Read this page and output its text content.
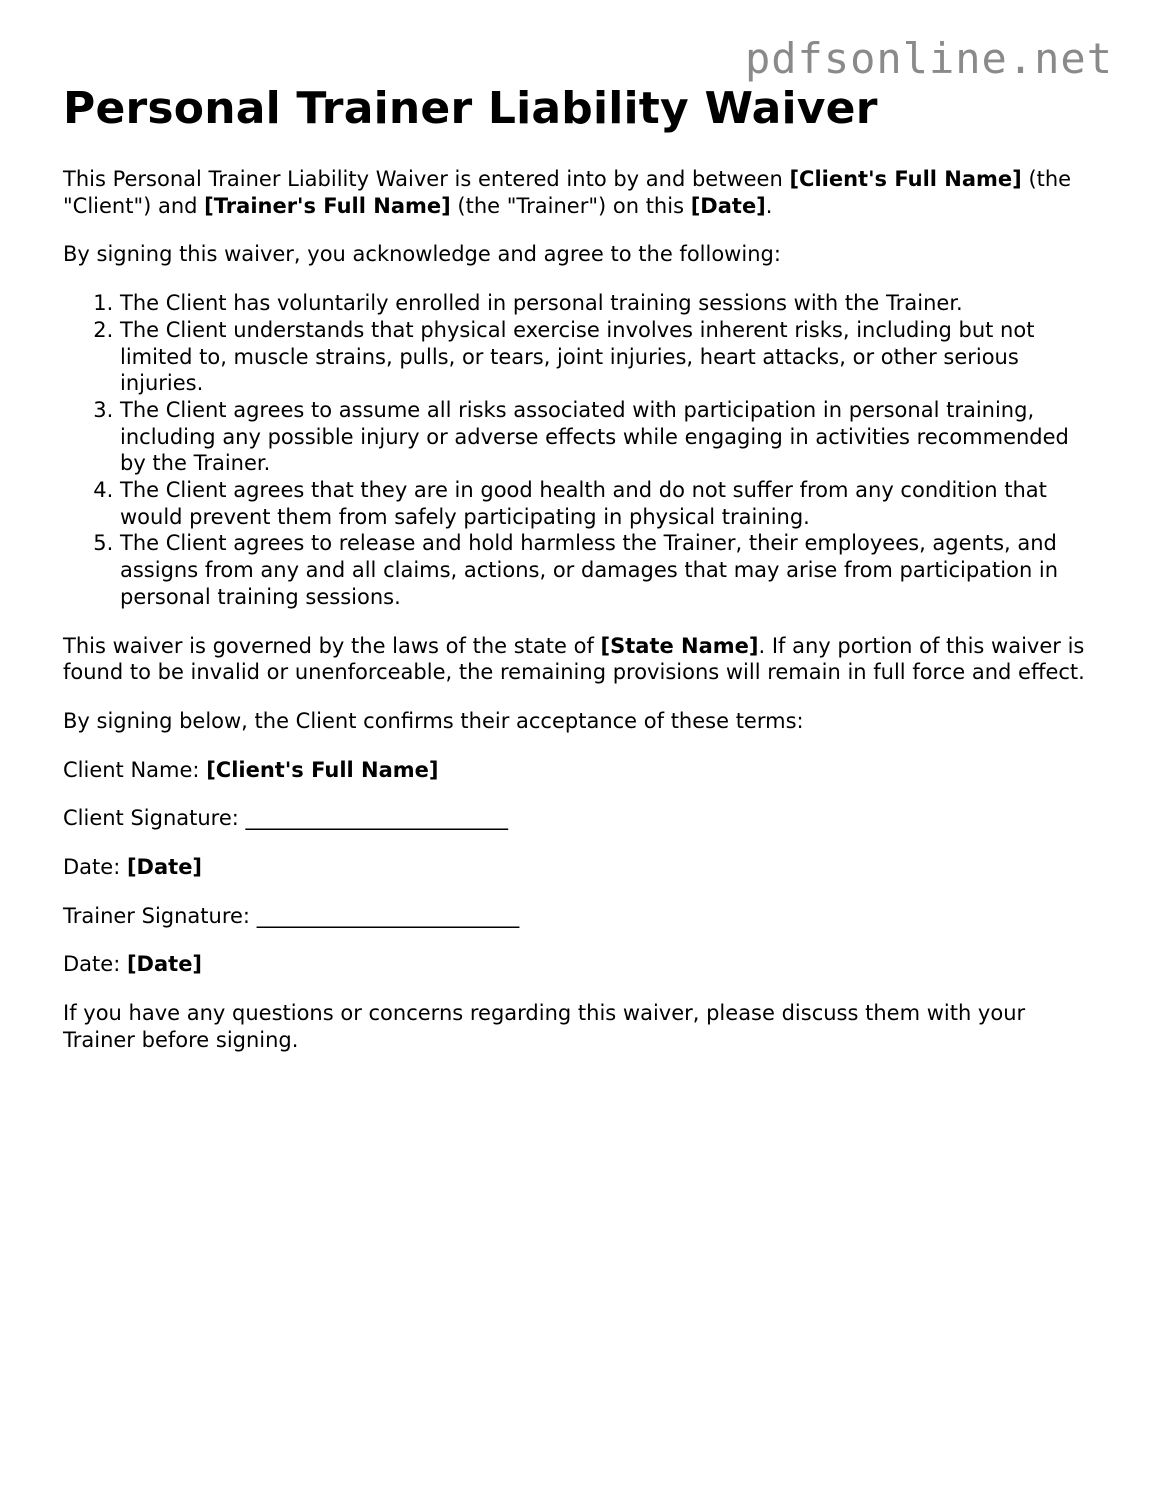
pdfsonline.net
Personal Trainer Liability Waiver

This Personal Trainer Liability Waiver is entered into by and between [Client's Full Name] (the "Client") and [Trainer's Full Name] (the "Trainer") on this [Date].

By signing this waiver, you acknowledge and agree to the following:

1. The Client has voluntarily enrolled in personal training sessions with the Trainer.
2. The Client understands that physical exercise involves inherent risks, including but not limited to, muscle strains, pulls, or tears, joint injuries, heart attacks, or other serious injuries.
3. The Client agrees to assume all risks associated with participation in personal training, including any possible injury or adverse effects while engaging in activities recommended by the Trainer.
4. The Client agrees that they are in good health and do not suffer from any condition that would prevent them from safely participating in physical training.
5. The Client agrees to release and hold harmless the Trainer, their employees, agents, and assigns from any and all claims, actions, or damages that may arise from participation in personal training sessions.

This waiver is governed by the laws of the state of [State Name]. If any portion of this waiver is found to be invalid or unenforceable, the remaining provisions will remain in full force and effect.

By signing below, the Client confirms their acceptance of these terms:

Client Name: [Client's Full Name]

Client Signature: _________________________

Date: [Date]

Trainer Signature: _________________________

Date: [Date]

If you have any questions or concerns regarding this waiver, please discuss them with your Trainer before signing.
